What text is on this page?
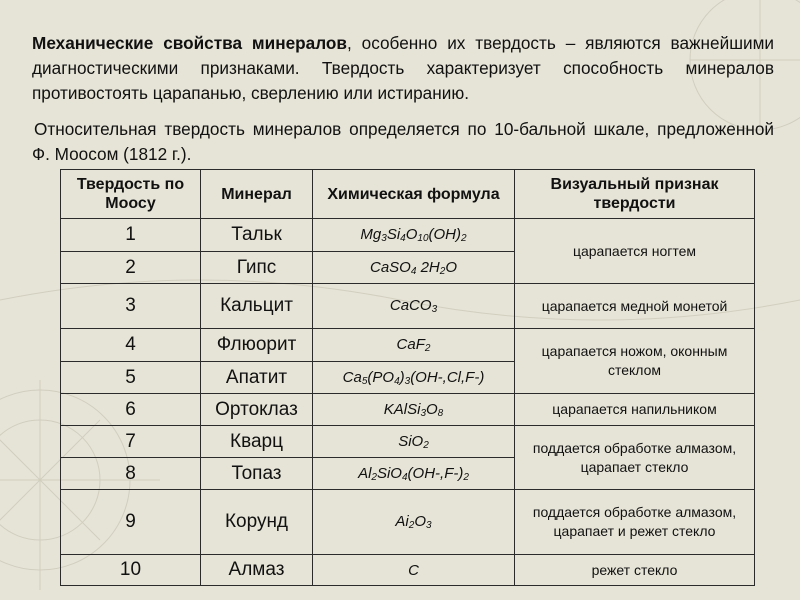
Механические свойства минералов, особенно их твердость – являются важнейшими диагностическими признаками. Твердость характеризует способность минералов противостоять царапанью, сверлению или истиранию.

Относительная твердость минералов определяется по 10-бальной шкале, предложенной Ф. Моосом (1812 г.).

Твердость по Моосу	Минерал	Химическая формула	Визуальный признак твердости
1	Тальк	$Mg_3Si_4O_{10}(OH)_2$	царапается ногтем
2	Гипс	CaSO$_4$ $2H_2O$	
3	Кальцит	CaCO$_3$	царапается медной монетой
4	Флюорит	CaF$_2$	царапается ножом, оконным стеклом
5	Апатит	$Ca_5(PO_4)_3(OH-,Cl,F-)$	
6	Ортоклаз	$KAlSi_3O_8$	царапается напильником
7	Кварц	SiO$_2$	поддается обработке алмазом, царапает стекло
8	Топаз	$Al_2SiO_4(OH-,F-)_2$
9	Корунд	$Ai_2O_3$	поддается обработке алмазом, царапает и режет стекло
10	Алмаз	C	режет стекло
